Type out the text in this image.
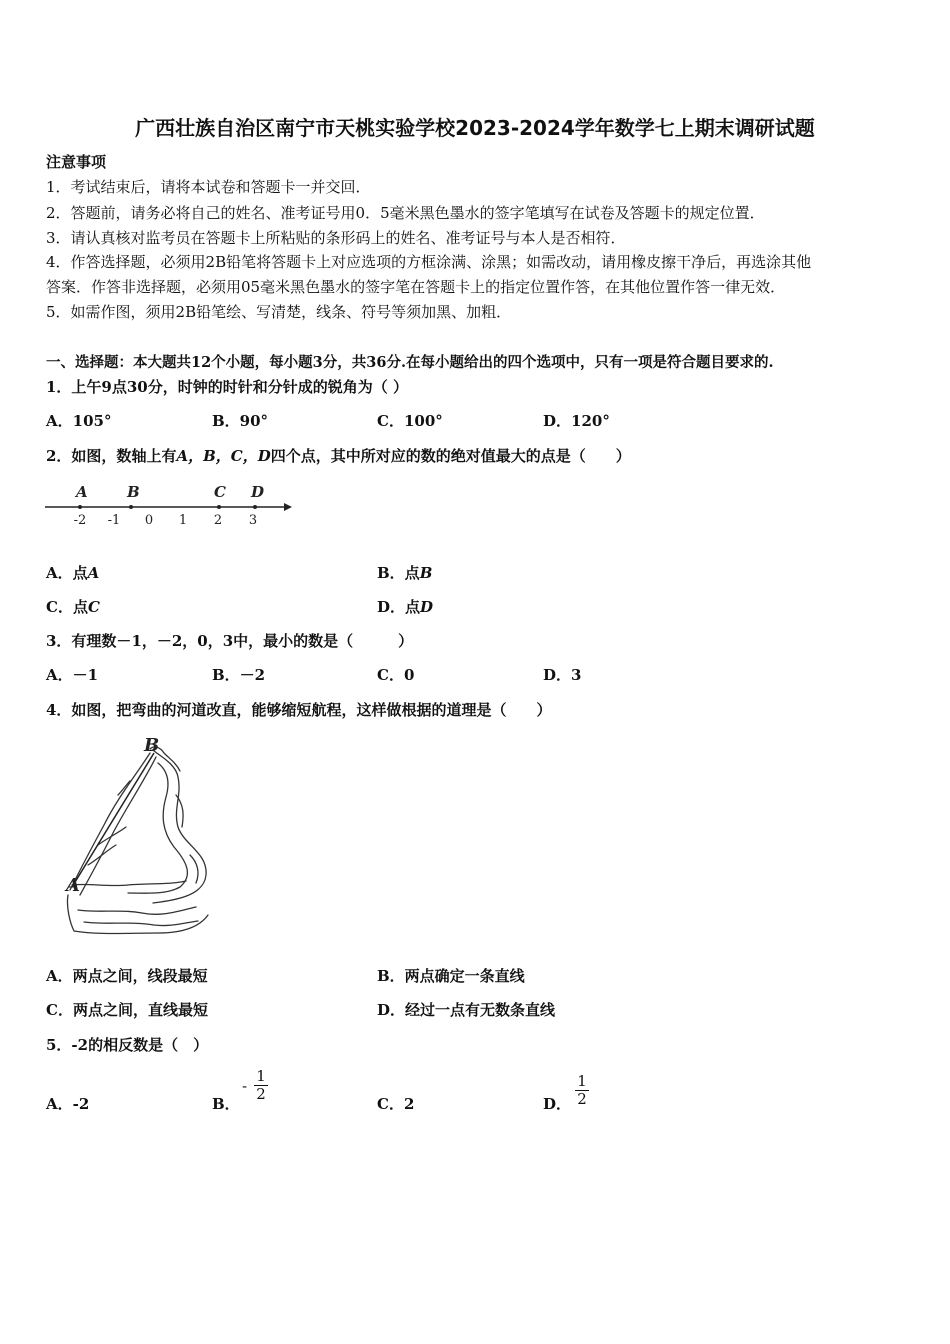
广西壮族自治区南宁市天桃实验学校2023-2024学年数学七上期末调研试题
注意事项
1．考试结束后，请将本试卷和答题卡一并交回．
2．答题前，请务必将自己的姓名、准考证号用0．5毫米黑色墨水的签字笔填写在试卷及答题卡的规定位置．
3．请认真核对监考员在答题卡上所粘贴的条形码上的姓名、准考证号与本人是否相符．
4．作答选择题，必须用2B铅笔将答题卡上对应选项的方框涂满、涂黑；如需改动，请用橡皮擦干净后，再选涂其他
答案．作答非选择题，必须用05毫米黑色墨水的签字笔在答题卡上的指定位置作答，在其他位置作答一律无效．
5．如需作图，须用2B铅笔绘、写清楚，线条、符号等须加黑、加粗．
一、选择题：本大题共12个小题，每小题3分，共36分.在每小题给出的四个选项中，只有一项是符合题目要求的.
1．上午9点30分，时钟的时针和分针成的锐角为（ ）
A．105°	B．90°	C．100°	D．120°
2．如图，数轴上有A，B，C，D四个点，其中所对应的数的绝对值最大的点是（　　）
A	B	C D
-2 -1 0 1 2 3
A．点A	B．点B
C．点C	D．点D
3．有理数－1，－2，0，3中，最小的数是（　　　）
A．－1	B．－2	C．0	D．3
4．如图，把弯曲的河道改直，能够缩短航程，这样做根据的道理是（　　）
B
A
A．两点之间，线段最短	B．两点确定一条直线
C．两点之间，直线最短	D．经过一点有无数条直线
5．-2的相反数是（　）
A．-2	B．
- $\frac{1}{2}$
C．2	D． $\frac{1}{2}$
